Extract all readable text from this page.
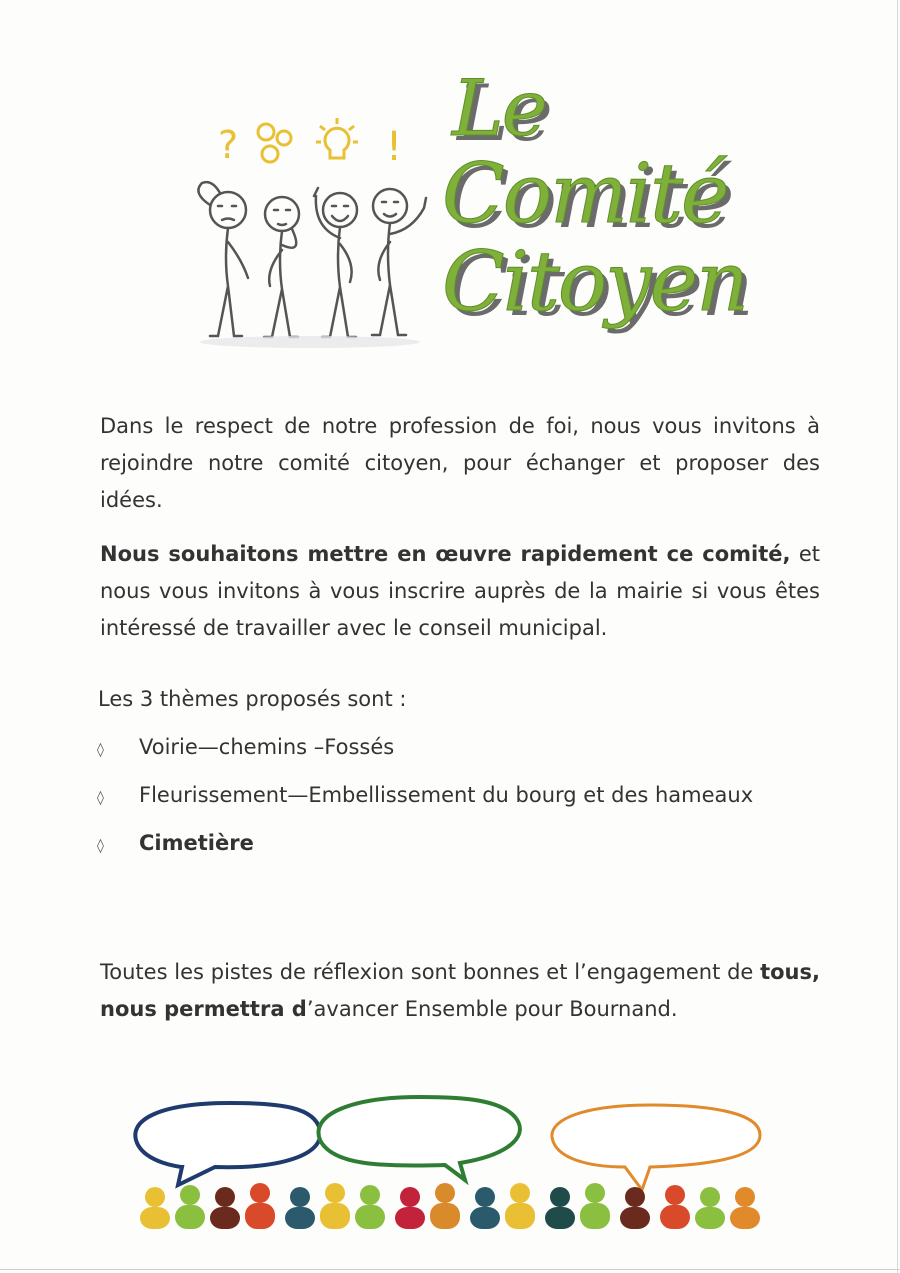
?	! Le
Comité
Citoyen

Dans le respect de notre profession de foi, nous vous invitons à rejoindre notre comité citoyen, pour échanger et proposer des idées.

Nous souhaitons mettre en œuvre rapidement ce comité, et nous vous invitons à vous inscrire auprès de la mairie si vous êtes intéressé de travailler avec le conseil municipal.

Les 3 thèmes proposés sont :
◊	Voirie—chemins –Fossés
◊	Fleurissement—Embellissement du bourg et des hameaux
◊	Cimetière

Toutes les pistes de réflexion sont bonnes et l’engagement de tous, nous permettra d’avancer Ensemble pour Bournand.
